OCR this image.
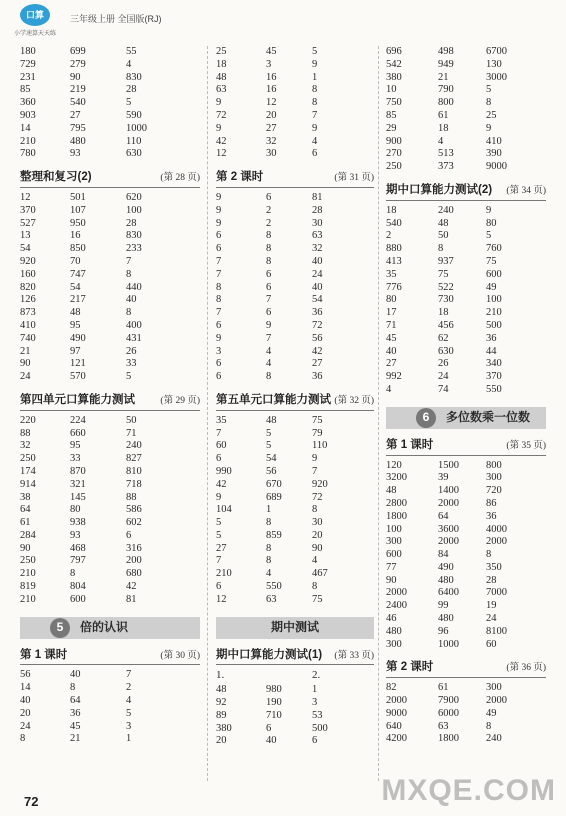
口算
小学速算天天练
三年级上册 全国版(RJ)
180	699	55
729	279	4
231	90	830
85	219	28
360	540	5
903	27	590
14	795	1000
210	480	110
780	93	630
整理和复习(2)	(第 28 页)
12	501	620
370	107	100
527	950	28
13	16	830
54	850	233
920	70	7
160	747	8
820	54	440
126	217	40
873	48	8
410	95	400
740	490	431
21	97	26
90	121	33
24	570	5
第四单元口算能力测试	(第 29 页)
220	224	50
88	660	71
32	95	240
250	33	827
174	870	810
914	321	718
38	145	88
64	80	586
61	938	602
284	93	6
90	468	316
250	797	200
210	8	680
819	804	42
210	600	81
5	倍的认识
第 1 课时	(第 30 页)
56	40	7
14	8	2
40	64	4
20	36	5
24	45	3
8	21	1
25	45	5
18	3	9
48	16	1
63	16	8
9	12	8
72	20	7
9	27	9
42	32	4
12	30	6
第 2 课时	(第 31 页)
9	6	81
9	2	28
9	2	30
6	8	63
6	8	32
7	8	40
7	6	24
8	6	40
8	7	54
7	6	36
6	9	72
9	7	56
3	4	42
6	4	27
6	8	36
第五单元口算能力测试 (第 32 页)
35	48	75
7	5	79
60	5	110
6	54	9
990	56	7
42	670	920
9	689	72
104	1	8
5	8	30
5	859	20
27	8	90
7	8	4
210	4	467
6	550	8
12	63	75
期中测试
期中口算能力测试(1) (第 33 页)
1.	2.
48	980	1
92	190	3
89	710	53
380	6	500
20	40	6
696	498	6700
542	949	130
380	21	3000
10	790	5
750	800	8
85	61	25
29	18	9
900	4	410
270	513	390
250	373	9000
期中口算能力测试(2) (第 34 页)
18	240	9
540	48	80
2	50	5
880	8	760
413	937	75
35	75	600
776	522	49
80	730	100
17	18	210
71	456	500
45	62	36
40	630	44
27	26	340
992	24	370
4	74	550
6	多位数乘一位数
第 1 课时	(第 35 页)
120	1500	800
3200	39	300
48	1400	720
2800	2000	86
1800	64	36
100	3600	4000
300	2000	2000
600	84	8
77	490	350
90	480	28
2000	6400	7000
2400	99	19
46	480	24
480	96	8100
300	1000	60
第 2 课时	(第 36 页)
82	61	300
2000	7900	2000
9000	6000	49
640	63	8
4200	1800	240
72	MXQE.COM
